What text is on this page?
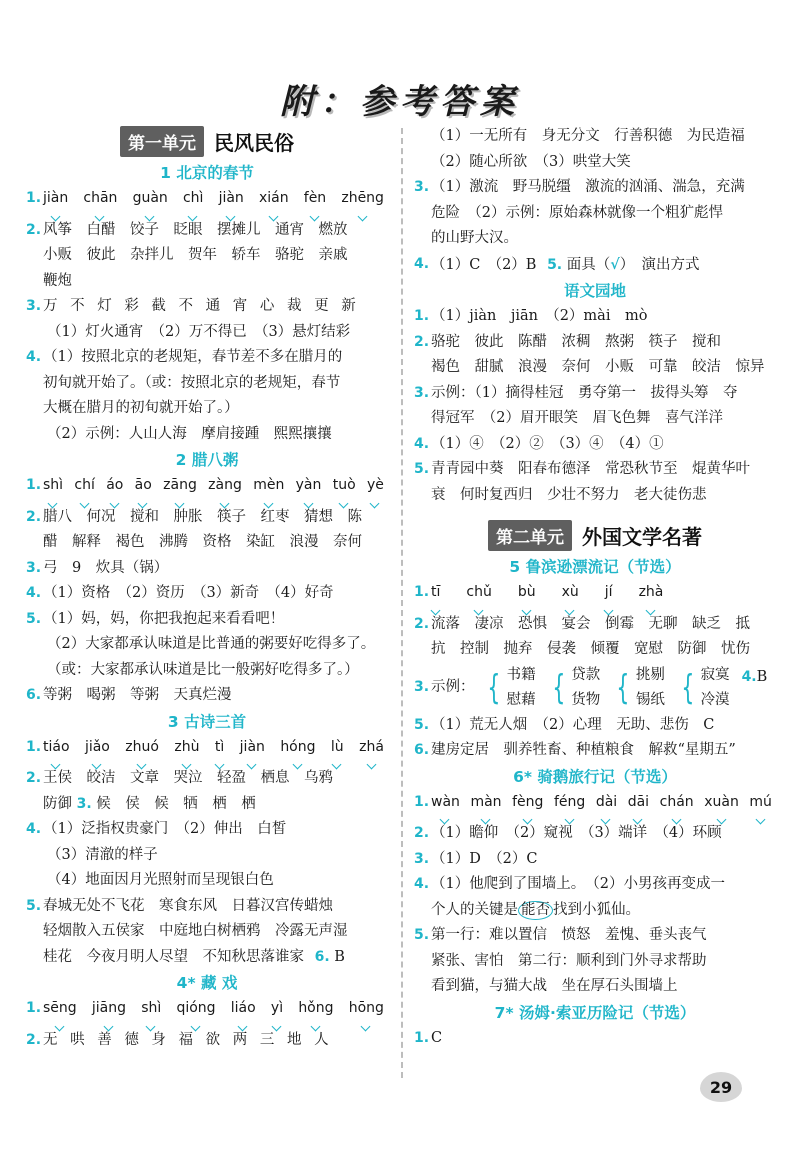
附：参考答案
第一单元 民风民俗
1 北京的春节
1. jiàn chān guàn chì jiàn xián fèn zhēng
2. 风筝　白醋　饺子　眨眼　摆摊儿　通宵　燃放
小贩　彼此　杂拌儿　贺年　轿车　骆驼　亲戚
鞭炮
3. 万 不 灯 彩 截 不 通 宵 心 裁 更 新
（1）灯火通宵　（2）万不得已　（3）悬灯结彩
4. （1）按照北京的老规矩，春节差不多在腊月的
初旬就开始了。（或：按照北京的老规矩，春节
大概在腊月的初旬就开始了。）
（2）示例：人山人海　摩肩接踵　熙熙攘攘
2 腊八粥
1. shì chí áo āo zāng zàng mèn yàn tuò yè
2. 腊八　何况　搅和　肿胀　筷子　红枣　猜想　陈
醋　解释　褐色　沸腾　资格　染缸　浪漫　奈何
3. 弓　9　炊具（锅）
4. （1）资格　（2）资历　（3）新奇　（4）好奇
5. （1）妈，妈，你把我抱起来看看吧！
（2）大家都承认味道是比普通的粥要好吃得多了。
（或：大家都承认味道是比一般粥好吃得多了。）
6. 等粥　喝粥　等粥　天真烂漫
3 古诗三首
1. tiáo jiǎo zhuó zhù tì jiàn hóng lù zhá
2. 王侯　皎洁　文章　哭泣　轻盈　栖息　乌鸦
防御 3. 候　侯　候　牺　栖　栖
4. （1）泛指权贵豪门　（2）伸出　白皙
（3）清澈的样子
（4）地面因月光照射而呈现银白色
5. 春城无处不飞花　寒食东风　日暮汉宫传蜡烛
轻烟散入五侯家　中庭地白树栖鸦　冷露无声湿
桂花　今夜月明人尽望　不知秋思落谁家 6. B
4* 藏 戏
1. sēng jiāng shì qióng liáo yì hǒng hōng
2. 无 哄 善 德 身 福 欲 两 三 地 人
（1）一无所有　身无分文　行善积德　为民造福
（2）随心所欲　（3）哄堂大笑
3. （1）激流　野马脱缰　激流的汹涌、湍急，充满
危险　（2）示例：原始森林就像一个粗犷彪悍
的山野大汉。
4. （1）C　（2）B 5. 面具（√）　演出方式
语文园地
1. （1）jiàn　jiān　（2）mài　mò
2. 骆驼　彼此　陈醋　浓稠　熬粥　筷子　搅和
褐色　甜腻　浪漫　奈何　小贩　可靠　皎洁　惊异
3. 示例：（1）摘得桂冠　勇夺第一　拔得头筹　夺
得冠军　（2）眉开眼笑　眉飞色舞　喜气洋洋
4. （1）④　（2）②　（3）④　（4）①
5. 青青园中葵　阳春布德泽　常恐秋节至　焜黄华叶
衰　何时复西归　少壮不努力　老大徒伤悲
第二单元 外国文学名著
5 鲁滨逊漂流记（节选）
1. tī chǔ bù xù jí zhà
2. 流落　凄凉　恐惧　宴会　倒霉　无聊　缺乏　抵
抗　控制　抛弃　侵袭　倾覆　宽慰　防御　忧伤
3. 示例： { 书籍
慰藉 { 贷款
货物 { 挑剔
锡纸 { 寂寞
冷漠
4. B
5. （1）荒无人烟　（2）心理　无助、悲伤　C
6. 建房定居　驯养牲畜、种植粮食　解救“星期五”
6* 骑鹅旅行记（节选）
1. wàn màn fèng féng dài dāi chán xuàn mú
2. （1）瞻仰　（2）窥视　（3）端详　（4）环顾
3. （1）D　（2）C
4. （1）他爬到了围墙上。　（2）小男孩再变成一
个人的关键是 能否 找到小狐仙。
5. 第一行：难以置信　愤怒　羞愧、垂头丧气
紧张、害怕　第二行：顺利到门外寻求帮助
看到猫，与猫大战　坐在厚石头围墙上
7* 汤姆·索亚历险记（节选）
1. C
29
